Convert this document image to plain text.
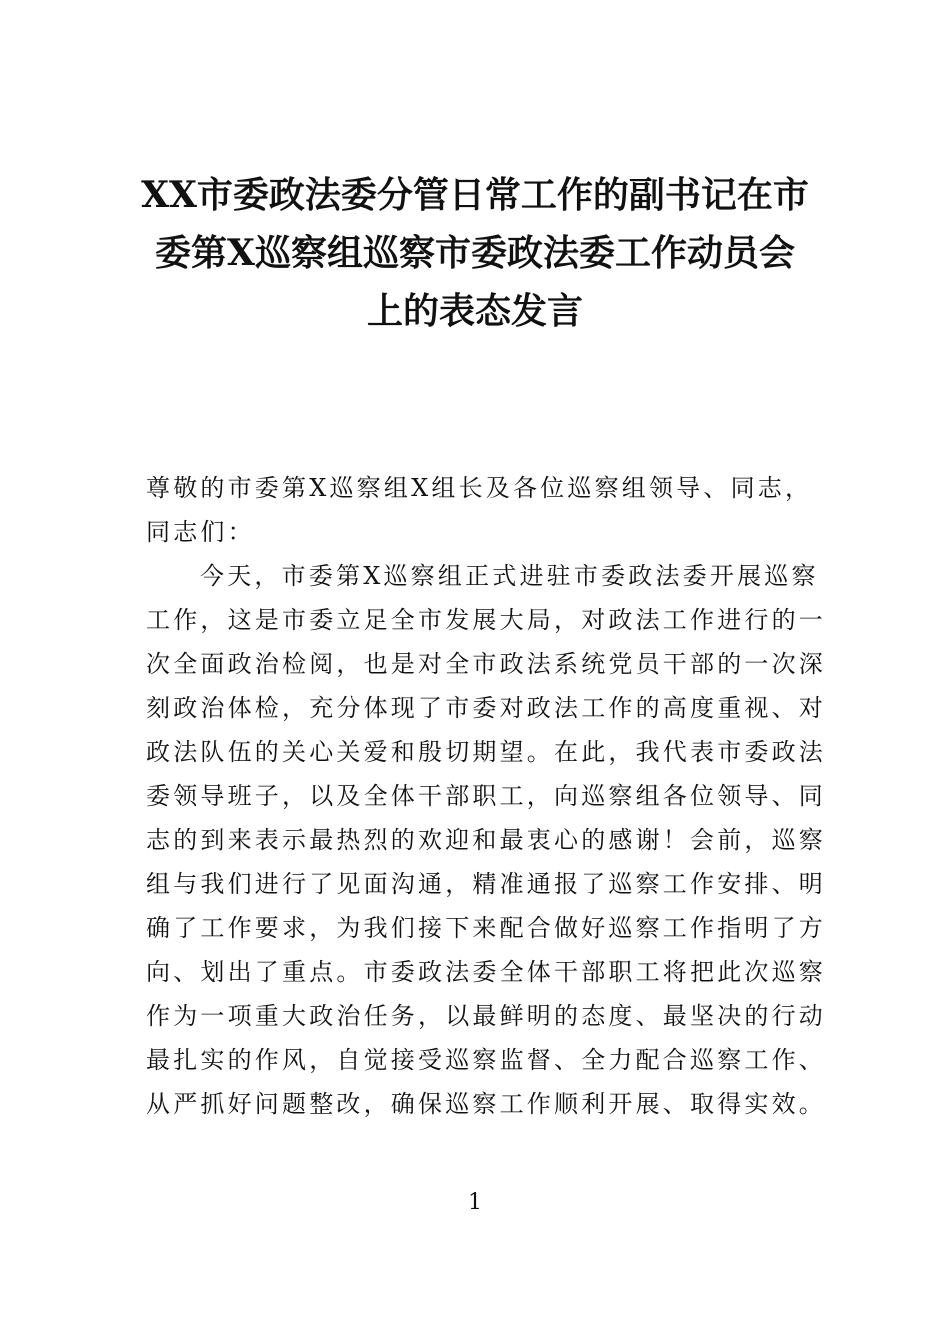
XX市委政法委分管日常工作的副书记在市
委第X巡察组巡察市委政法委工作动员会
上的表态发言
尊敬的市委第X巡察组X组长及各位巡察组领导、同志，
同志们：
今天，市委第X巡察组正式进驻市委政法委开展巡察
工作，这是市委立足全市发展大局，对政法工作进行的一
次全面政治检阅，也是对全市政法系统党员干部的一次深
刻政治体检，充分体现了市委对政法工作的高度重视、对
政法队伍的关心关爱和殷切期望。在此，我代表市委政法
委领导班子，以及全体干部职工，向巡察组各位领导、同
志的到来表示最热烈的欢迎和最衷心的感谢！会前，巡察
组与我们进行了见面沟通，精准通报了巡察工作安排、明
确了工作要求，为我们接下来配合做好巡察工作指明了方
向、划出了重点。市委政法委全体干部职工将把此次巡察
作为一项重大政治任务，以最鲜明的态度、最坚决的行动
最扎实的作风，自觉接受巡察监督、全力配合巡察工作、
从严抓好问题整改，确保巡察工作顺利开展、取得实效。
1
